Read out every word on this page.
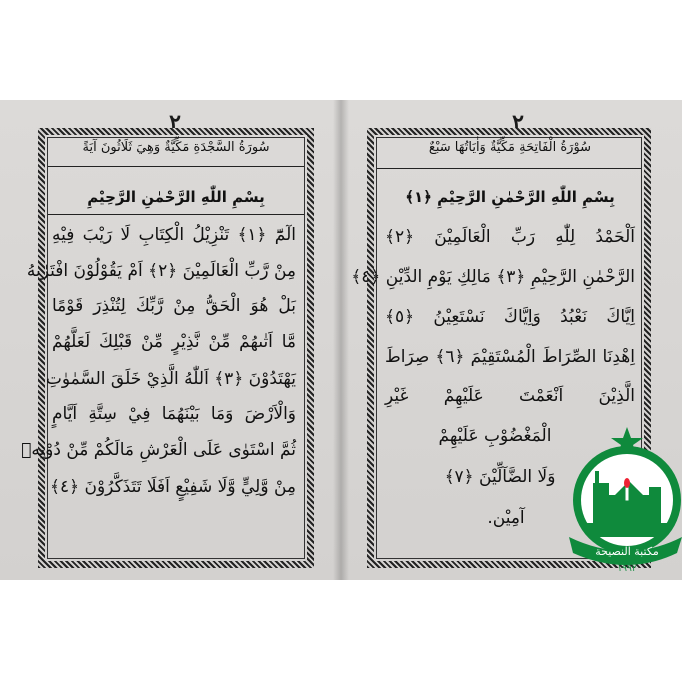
٢
سُورَةُ السَّجْدَةِ مَكِّيَّةٌ وَهِيَ ثَلَاثُونَ آيَةً
بِسْمِ اللّٰهِ الرَّحْمٰنِ الرَّحِيْمِ
الٓمّٓ ﴿١﴾ تَنْزِيْلُ الْكِتَابِ لَا رَيْبَ فِيْهِ
مِنْ رَّبِّ الْعَالَمِيْنَ ﴿٢﴾ اَمْ يَقُوْلُوْنَ افْتَرٰىهُ
بَلْ هُوَ الْحَقُّ مِنْ رَّبِّكَ لِتُنْذِرَ قَوْمًا
مَّا اَتٰىهُمْ مِّنْ نَّذِيْرٍ مِّنْ قَبْلِكَ لَعَلَّهُمْ
يَهْتَدُوْنَ ﴿٣﴾ اَللّٰهُ الَّذِيْ خَلَقَ السَّمٰوٰتِ
وَالْاَرْضَ وَمَا بَيْنَهُمَا فِيْ سِتَّةِ اَيَّامٍ
ثُمَّ اسْتَوٰى عَلَى الْعَرْشِ مَالَكُمْ مِّنْ دُوْنِهٖ
مِنْ وَّلِيٍّ وَّلَا شَفِيْعٍ اَفَلَا تَتَذَكَّرُوْنَ ﴿٤﴾
٢
سُوْرَةُ الْفَاتِحَةِ مَكِّيَّةٌ وَاٰيَاتُهَا سَبْعٌ
بِسْمِ اللّٰهِ الرَّحْمٰنِ الرَّحِيْمِ ﴿١﴾
اَلْحَمْدُ لِلّٰهِ رَبِّ الْعَالَمِيْنَ ﴿٢﴾
الرَّحْمٰنِ الرَّحِيْمِ ﴿٣﴾ مَالِكِ يَوْمِ الدِّيْنِ ﴿٤﴾
اِيَّاكَ نَعْبُدُ وَاِيَّاكَ نَسْتَعِيْنُ ﴿٥﴾
اِهْدِنَا الصِّرَاطَ الْمُسْتَقِيْمَ ﴿٦﴾ صِرَاطَ
الَّذِيْنَ اَنْعَمْتَ عَلَيْهِمْ غَيْرِ
الْمَغْضُوْبِ عَلَيْهِمْ
وَلَا الضَّآلِّيْنَ ﴿٧﴾
آمِيْن.
مكتبة النصيحة
١٩٩٢
